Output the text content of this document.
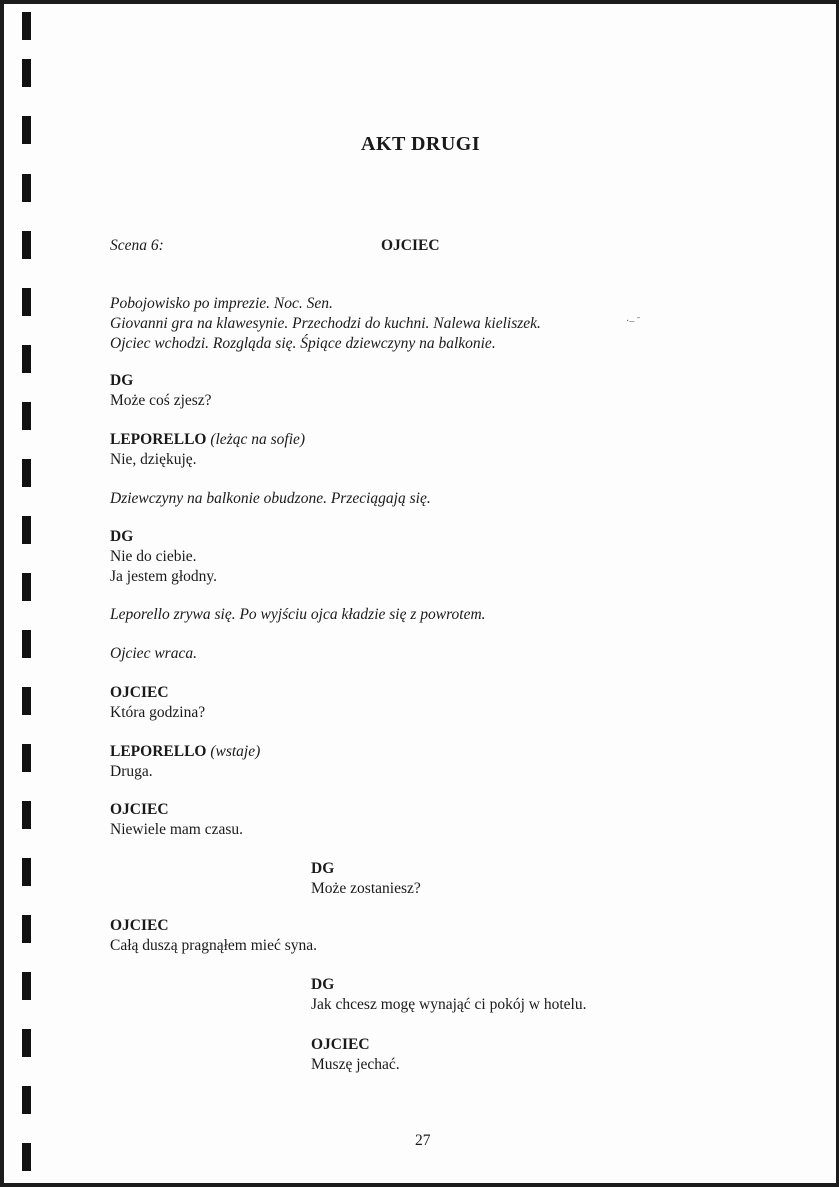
AKT DRUGI
Scena 6:	OJCIEC
Pobojowisko po imprezie. Noc. Sen.
Giovanni gra na klawesynie. Przechodzi do kuchni. Nalewa kieliszek.
Ojciec wchodzi. Rozgląda się. Śpiące dziewczyny na balkonie.
·– ˉ
DG
Może coś zjesz?
LEPORELLO (leżąc na sofie)
Nie, dziękuję.
Dziewczyny na balkonie obudzone. Przeciągają się.
DG
Nie do ciebie.
Ja jestem głodny.
Leporello zrywa się. Po wyjściu ojca kładzie się z powrotem.
Ojciec wraca.
OJCIEC
Która godzina?
LEPORELLO (wstaje)
Druga.
OJCIEC
Niewiele mam czasu.
DG
Może zostaniesz?
OJCIEC
Całą duszą pragnąłem mieć syna.
DG
Jak chcesz mogę wynająć ci pokój w hotelu.
OJCIEC
Muszę jechać.
27
